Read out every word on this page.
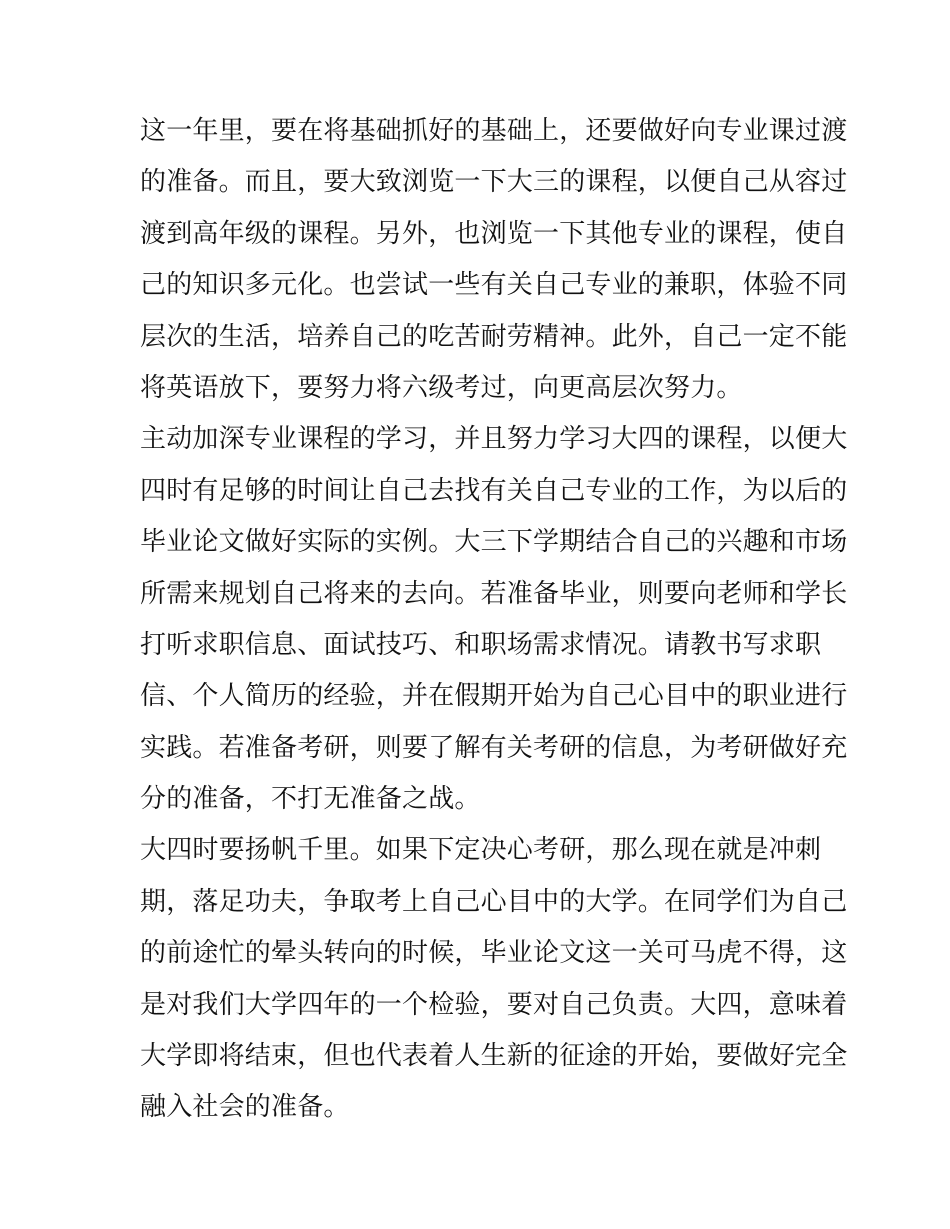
这一年里，要在将基础抓好的基础上，还要做好向专业课过渡
的准备。而且，要大致浏览一下大三的课程，以便自己从容过
渡到高年级的课程。另外，也浏览一下其他专业的课程，使自
己的知识多元化。也尝试一些有关自己专业的兼职，体验不同
层次的生活，培养自己的吃苦耐劳精神。此外，自己一定不能
将英语放下，要努力将六级考过，向更高层次努力。
主动加深专业课程的学习，并且努力学习大四的课程，以便大
四时有足够的时间让自己去找有关自己专业的工作，为以后的
毕业论文做好实际的实例。大三下学期结合自己的兴趣和市场
所需来规划自己将来的去向。若准备毕业，则要向老师和学长
打听求职信息、面试技巧、和职场需求情况。请教书写求职
信、个人简历的经验，并在假期开始为自己心目中的职业进行
实践。若准备考研，则要了解有关考研的信息，为考研做好充
分的准备，不打无准备之战。
大四时要扬帆千里。如果下定决心考研，那么现在就是冲刺
期，落足功夫，争取考上自己心目中的大学。在同学们为自己
的前途忙的晕头转向的时候，毕业论文这一关可马虎不得，这
是对我们大学四年的一个检验，要对自己负责。大四，意味着
大学即将结束，但也代表着人生新的征途的开始，要做好完全
融入社会的准备。
